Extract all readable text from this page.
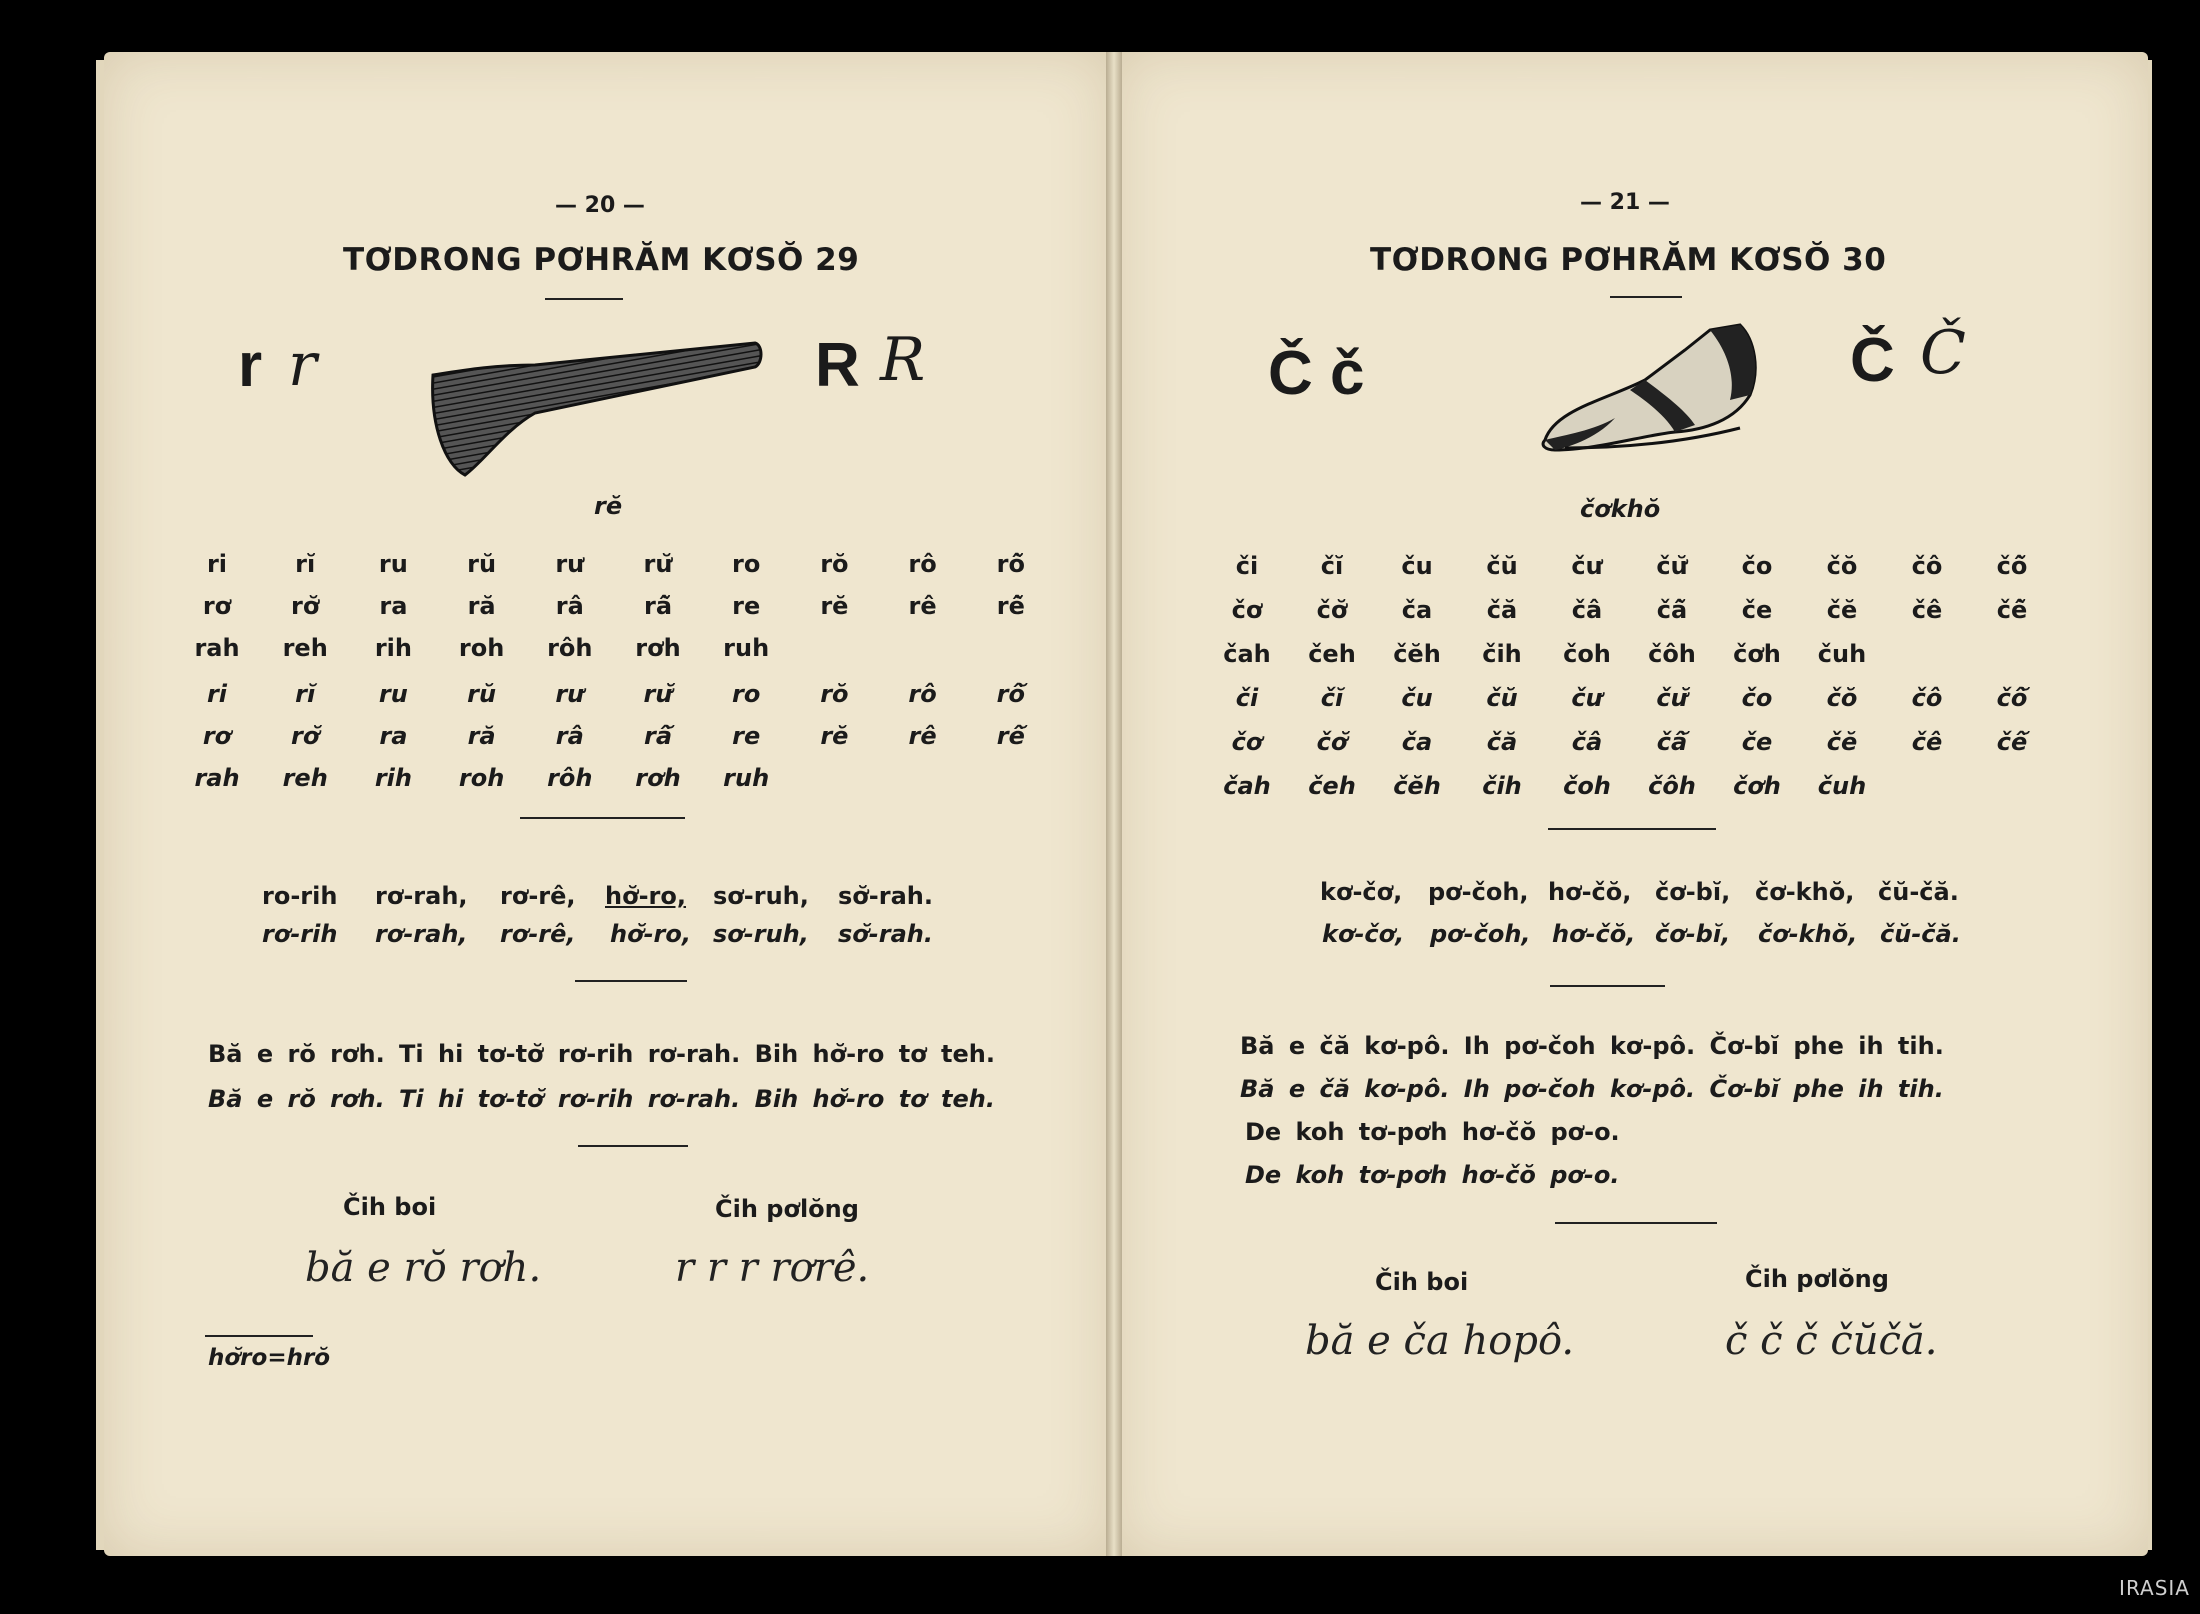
— 20 —
TƠDRONG PƠHRĂM KƠSŎ 29
r r	R R
rĕ
ri	rĭ	ru	rŭ	rư	rư̆	ro	rŏ	rô	rô̆
rơ	rơ̆	ra	ră	râ	râ̆	re	rĕ	rê	rê̆
rah	reh	rih	roh	rôh	rơh	ruh
ri	rĭ	ru	rŭ	rư	rư̆	ro	rŏ	rô	rô̆
rơ	rơ̆	ra	ră	râ	râ̆	re	rĕ	rê	rê̆
rah	reh	rih	roh	rôh	rơh	ruh
ro-rih rơ-rah, rơ-rê, hơ̆-ro, sơ-ruh, sơ̆-rah.
rơ-rih rơ-rah, rơ-rê, hơ̆-ro, sơ-ruh, sơ̆-rah.
Bă e rŏ rơh. Ti hi tơ-tơ̆ rơ-rih rơ-rah. Bih hơ̆-ro tơ teh.
Bă e rŏ rơh. Ti hi tơ-tơ̆ rơ-rih rơ-rah. Bih hơ̆-ro tơ teh.
Čih boi	Čih pơlŏng
bă e rŏ rơh.	r r r rơrê.
hơ̆ro=hrŏ
— 21 —
TƠDRONG PƠHRĂM KƠSŎ 30
Č č	Č Č
čơkhŏ
či	čĭ	ču	čŭ	čư	čư̆	čo	čŏ	čô	čô̆
čơ	čơ̆	ča	čă	čâ	čâ̆	če	čĕ	čê	čê̆
čah	čeh	čĕh	čih	čoh	čôh	čơh	čuh
či	čĭ	ču	čŭ	čư	čư̆	čo	čŏ	čô	čô̆
čơ	čơ̆	ča	čă	čâ	čâ̆	če	čĕ	čê	čê̆
čah	čeh	čĕh	čih	čoh	čôh	čơh	čuh
kơ-čơ, pơ-čoh, hơ-čŏ, čơ-bĭ, čơ-khŏ, čŭ-čă.
kơ-čơ, pơ-čoh, hơ-čŏ, čơ-bĭ, čơ-khŏ, čŭ-čă.
Bă e čă kơ-pô. Ih pơ-čoh kơ-pô. Čơ-bĭ phe ih tih.
Bă e čă kơ-pô. Ih pơ-čoh kơ-pô. Čơ-bĭ phe ih tih.
De koh tơ-pơh hơ-čŏ pơ-o.
De koh tơ-pơh hơ-čŏ pơ-o.
Čih boi	Čih pơlŏng
bă e ča hopô.	č č č čŭčă.
IRASIA
